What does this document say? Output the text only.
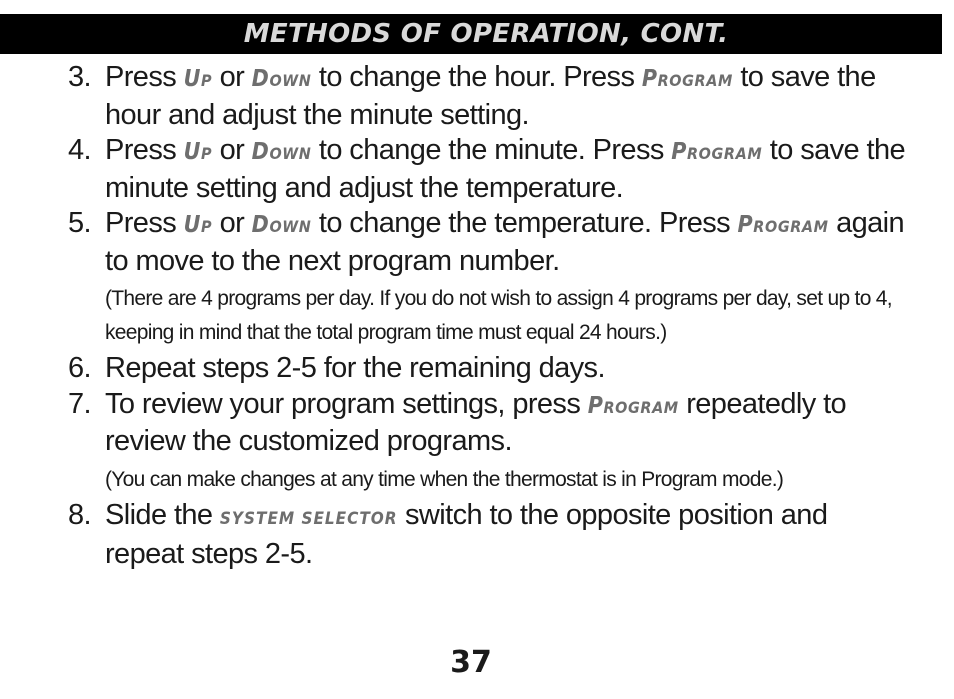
METHODS OF OPERATION, CONT.
3. Press Up or Down to change the hour. Press Program to save the hour and adjust the minute setting.
4. Press Up or Down to change the minute. Press Program to save the minute setting and adjust the temperature.
5. Press Up or Down to change the temperature. Press Program again to move to the next program number.
(There are 4 programs per day. If you do not wish to assign 4 programs per day, set up to 4, keeping in mind that the total program time must equal 24 hours.)
6. Repeat steps 2-5 for the remaining days.
7. To review your program settings, press Program repeatedly to review the customized programs.
(You can make changes at any time when the thermostat is in Program mode.)
8. Slide the SYSTEM SELECTOR switch to the opposite position and repeat steps 2-5.
37
